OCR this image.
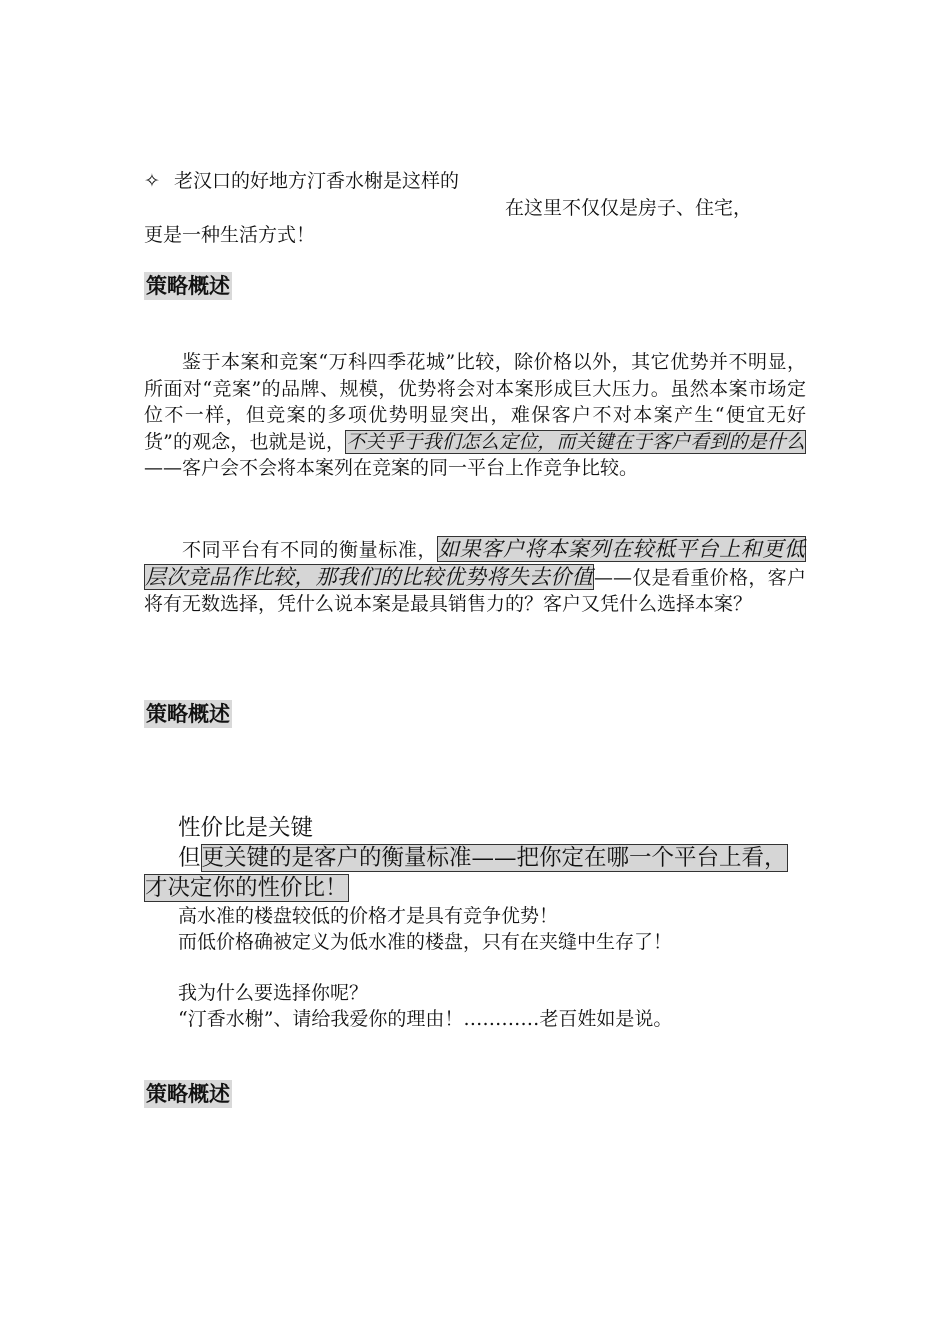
✧ 老汉口的好地方汀香水榭是这样的
在这里不仅仅是房子、住宅，
更是一种生活方式！
策略概述
鉴于本案和竞案“万科四季花城”比较，除价格以外，其它优势并不明显，所面对“竞案”的品牌、规模，优势将会对本案形成巨大压力。虽然本案市场定位不一样，但竞案的多项优势明显突出，难保客户不对本案产生“便宜无好货”的观念，也就是说，不关乎于我们怎么定位，而关键在于客户看到的是什么——客户会不会将本案列在竞案的同一平台上作竞争比较。
不同平台有不同的衡量标准，如果客户将本案列在较柢平台上和更低层次竞品作比较，那我们的比较优势将失去价值——仅是看重价格，客户将有无数选择，凭什么说本案是最具销售力的？客户又凭什么选择本案？
策略概述
性价比是关键
但更关键的是客户的衡量标准——把你定在哪一个平台上看，才决定你的性价比！
高水准的楼盘较低的价格才是具有竞争优势！
而低价格确被定义为低水准的楼盘，只有在夹缝中生存了！
我为什么要选择你呢？
“汀香水榭”、请给我爱你的理由！…………老百姓如是说。
策略概述
